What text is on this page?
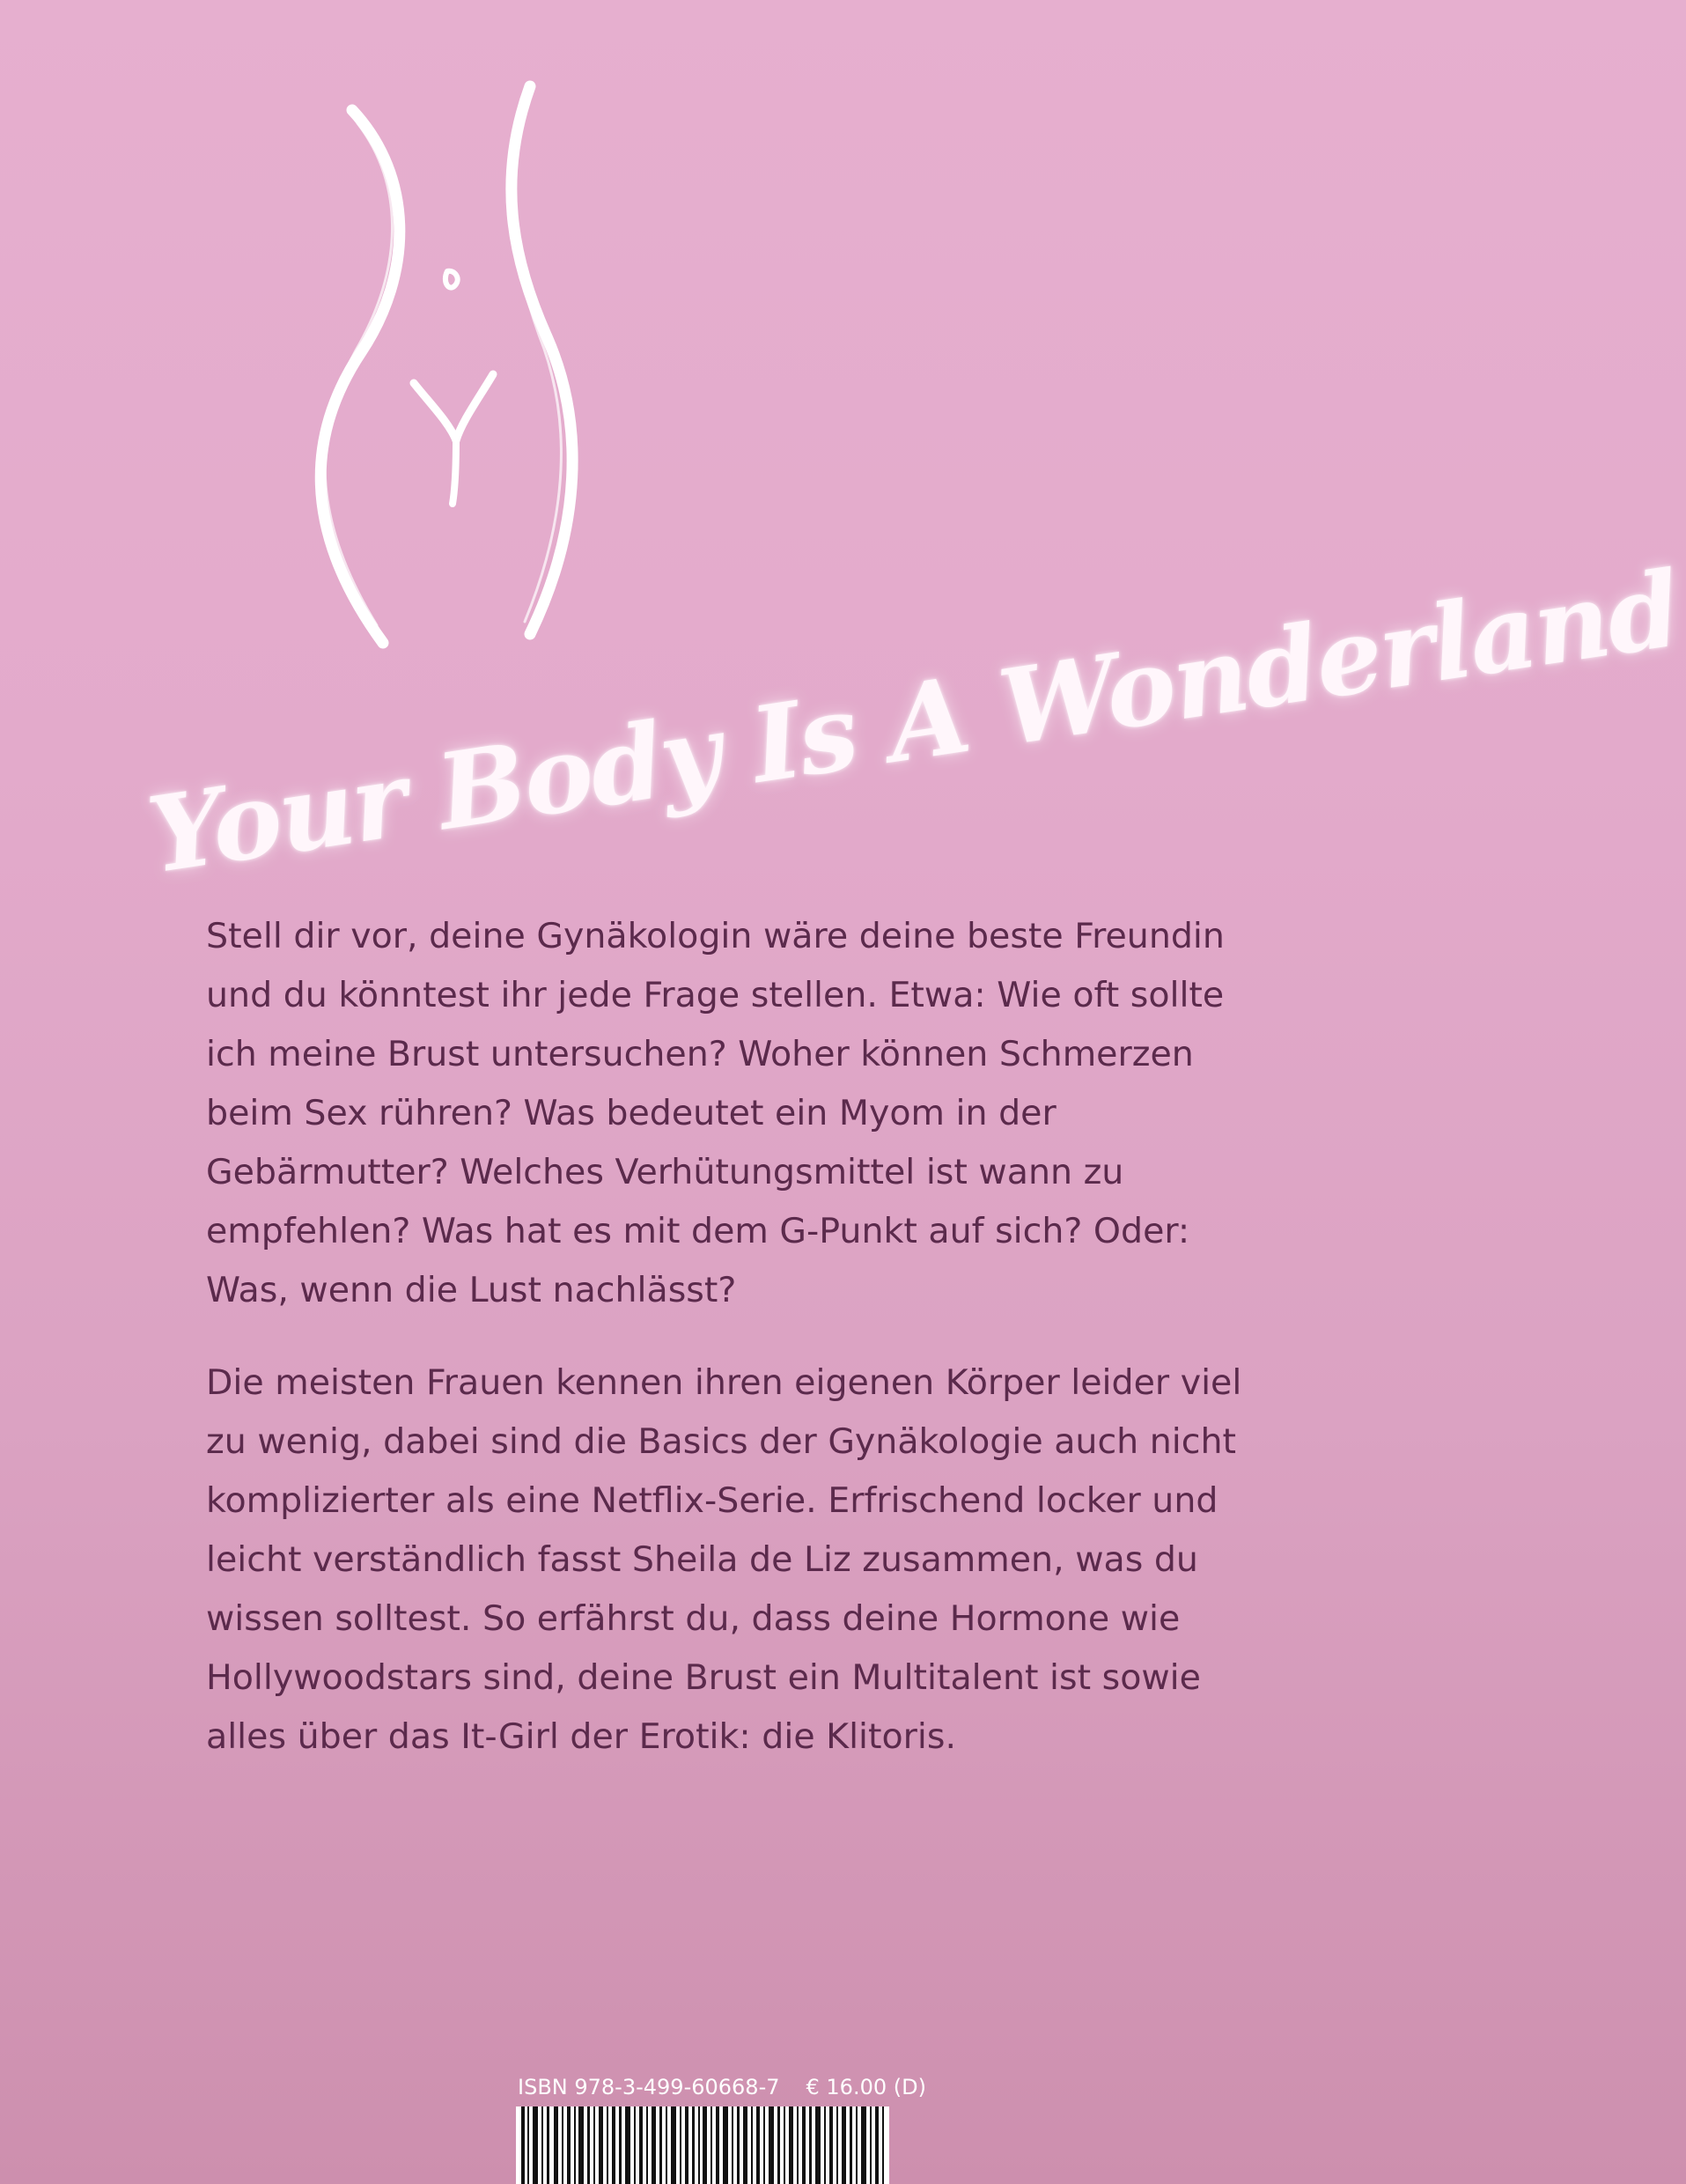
Your Body Is A Wonderland

Stell dir vor, deine Gynäkologin wäre deine beste Freundin und du könntest ihr jede Frage stellen. Etwa: Wie oft sollte ich meine Brust untersuchen? Woher können Schmerzen beim Sex rühren? Was bedeutet ein Myom in der Gebärmutter? Welches Verhütungsmittel ist wann zu empfehlen? Was hat es mit dem G-Punkt auf sich? Oder: Was, wenn die Lust nachlässt?

Die meisten Frauen kennen ihren eigenen Körper leider viel zu wenig, dabei sind die Basics der Gynäkologie auch nicht komplizierter als eine Netflix-Serie. Erfrischend locker und leicht verständlich fasst Sheila de Liz zusammen, was du wissen solltest. So erfährst du, dass deine Hormone wie Hollywoodstars sind, deine Brust ein Multitalent ist sowie alles über das It-Girl der Erotik: die Klitoris.

ISBN 978-3-499-60668-7 € 16.00 (D)
